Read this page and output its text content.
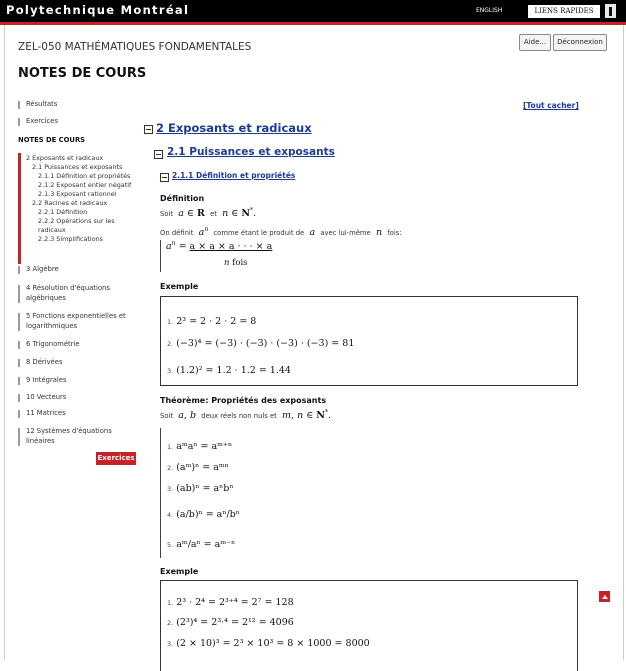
Polytechnique Montréal	ENGLISH	LIENS RAPIDES
ZEL-050 MATHÉMATIQUES FONDAMENTALES	Aide...	Déconnexion
NOTES DE COURS
[Tout cacher]
Résultats
Exercices
NOTES DE COURS
2 Exposants et radicaux
2.1 Puissances et exposants
2.1.1 Définition et propriétés
2.1.2 Exposant entier négatif
2.1.3 Exposant rationnel
2.2 Racines et radicaux
2.2.1 Définition
2.2.2 Opérations sur les
radicaux
2.2.3 Simplifications
3 Algèbre
4 Résolution d'équations
algébriques
5 Fonctions exponentielles et
logarithmiques
6 Trigonométrie
8 Dérivées
9 Intégrales
10 Vecteurs
11 Matrices
12 Systèmes d'équations
linéaires
Exercices
2 Exposants et radicaux
2.1 Puissances et exposants
2.1.1 Définition et propriétés
Définition
Soit a ∈ R et n ∈ N*.
On définit $a^n$ comme étant le produit de a avec lui-même n fois:
$a^n = a \times a \times a$ · · · × a
n fois
Exemple
1. 2³ = 2 · 2 · 2 = 8
2. (−3)⁴ = (−3) · (−3) · (−3) · (−3) = 81
3. (1.2)² = 1.2 · 1.2 = 1.44
Théorème: Propriétés des exposants
Soit a, b deux réels non nuls et m, n ∈ N*.
1. aᵐaⁿ = aᵐ⁺ⁿ
2. (aᵐ)ⁿ = aᵐⁿ
3. (ab)ⁿ = aⁿbⁿ
4. (a/b)ⁿ = aⁿ/bⁿ
5. aᵐ/aⁿ = aᵐ⁻ⁿ
Exemple
1. 2³ · 2⁴ = 2³⁺⁴ = 2⁷ = 128
2. (2³)⁴ = 2³·⁴ = 2¹² = 4096
3. (2 × 10)³ = 2³ × 10³ = 8 × 1000 = 8000
